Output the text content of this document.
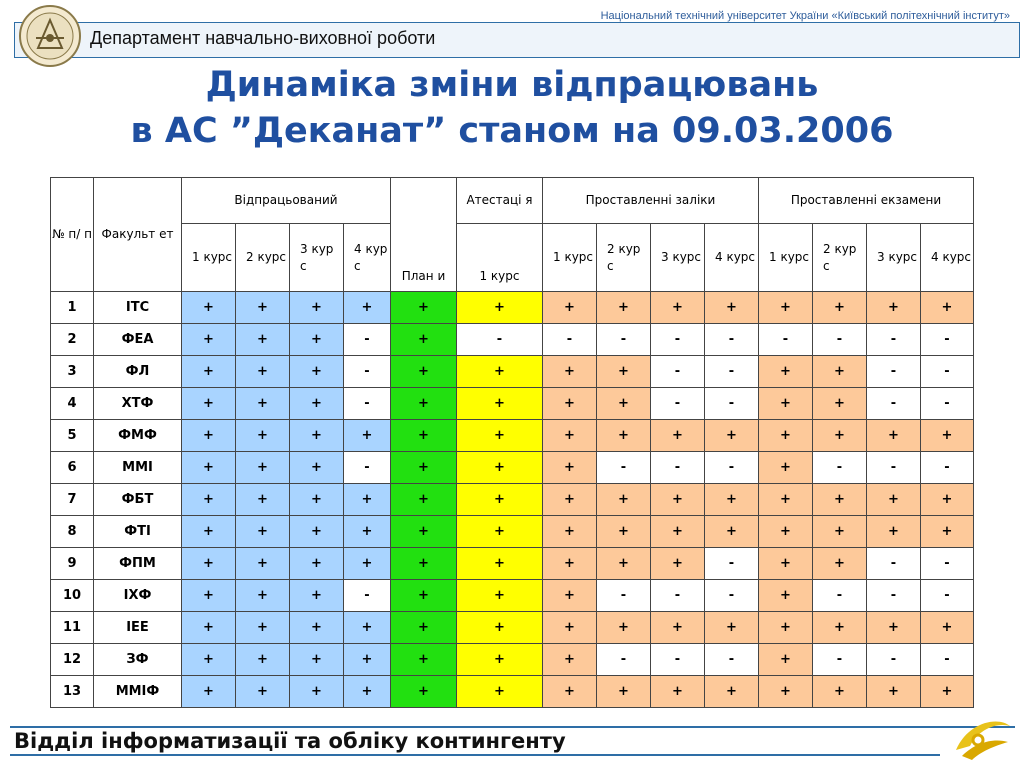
Національний технічний університет України «Київський політехнічний інститут»
Департамент навчально-виховної роботи
Динаміка зміни відпрацювань
в АС ”Деканат” станом на 09.03.2006
№ п/ п	Факульт ет	Відпрацьований				План и	Атестаці я	Проставленні заліки				Проставленні екзамени			
		1 курс	2 курс	3 кур с	4 кур с		1 курс	1 курс	2 кур с	3 курс	4 курс	1 курс	2 кур с	3 курс	4 курс
1	ІТС	+	+	+	+	+	+	+	+	+	+	+	+	+	+
2	ФЕА	+	+	+	-	+	-	-	-	-	-	-	-	-	-
3	ФЛ	+	+	+	-	+	+	+	+	-	-	+	+	-	-
4	ХТФ	+	+	+	-	+	+	+	+	-	-	+	+	-	-
5	ФМФ	+	+	+	+	+	+	+	+	+	+	+	+	+	+
6	ММІ	+	+	+	-	+	+	+	-	-	-	+	-	-	-
7	ФБТ	+	+	+	+	+	+	+	+	+	+	+	+	+	+
8	ФТІ	+	+	+	+	+	+	+	+	+	+	+	+	+	+
9	ФПМ	+	+	+	+	+	+	+	+	+	-	+	+	-	-
10	ІХФ	+	+	+	-	+	+	+	-	-	-	+	-	-	-
11	ІЕЕ	+	+	+	+	+	+	+	+	+	+	+	+	+	+
12	ЗФ	+	+	+	+	+	+	+	-	-	-	+	-	-	-
13	ММІФ	+	+	+	+	+	+	+	+	+	+	+	+	+	+
Відділ інформатизації та обліку контингенту
